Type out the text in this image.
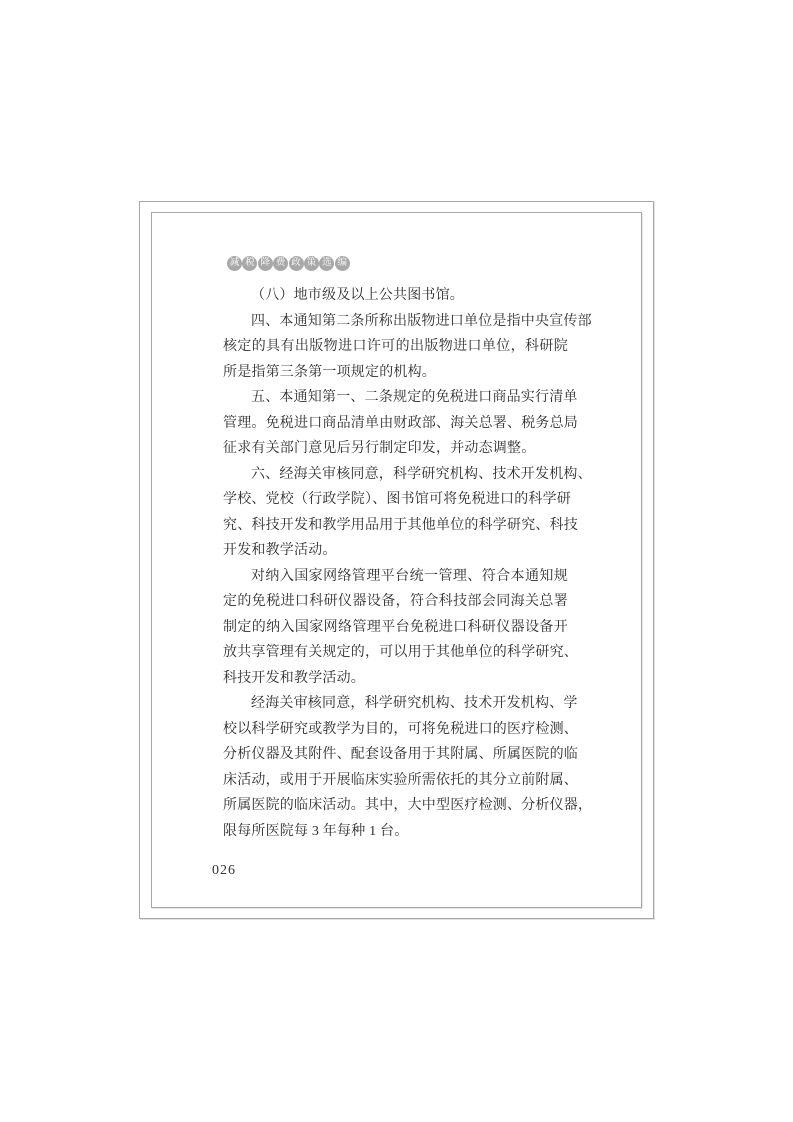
减 税 降 费 政 策 选 编
（八）地市级及以上公共图书馆。
四、本通知第二条所称出版物进口单位是指中央宣传部
核定的具有出版物进口许可的出版物进口单位，科研院
所是指第三条第一项规定的机构。
五、本通知第一、二条规定的免税进口商品实行清单
管理。免税进口商品清单由财政部、海关总署、税务总局
征求有关部门意见后另行制定印发，并动态调整。
六、经海关审核同意，科学研究机构、技术开发机构、
学校、党校（行政学院）、图书馆可将免税进口的科学研
究、科技开发和教学用品用于其他单位的科学研究、科技
开发和教学活动。
对纳入国家网络管理平台统一管理、符合本通知规
定的免税进口科研仪器设备，符合科技部会同海关总署
制定的纳入国家网络管理平台免税进口科研仪器设备开
放共享管理有关规定的，可以用于其他单位的科学研究、
科技开发和教学活动。
经海关审核同意，科学研究机构、技术开发机构、学
校以科学研究或教学为目的，可将免税进口的医疗检测、
分析仪器及其附件、配套设备用于其附属、所属医院的临
床活动，或用于开展临床实验所需依托的其分立前附属、
所属医院的临床活动。其中，大中型医疗检测、分析仪器，
限每所医院每 3 年每种 1 台。
026
